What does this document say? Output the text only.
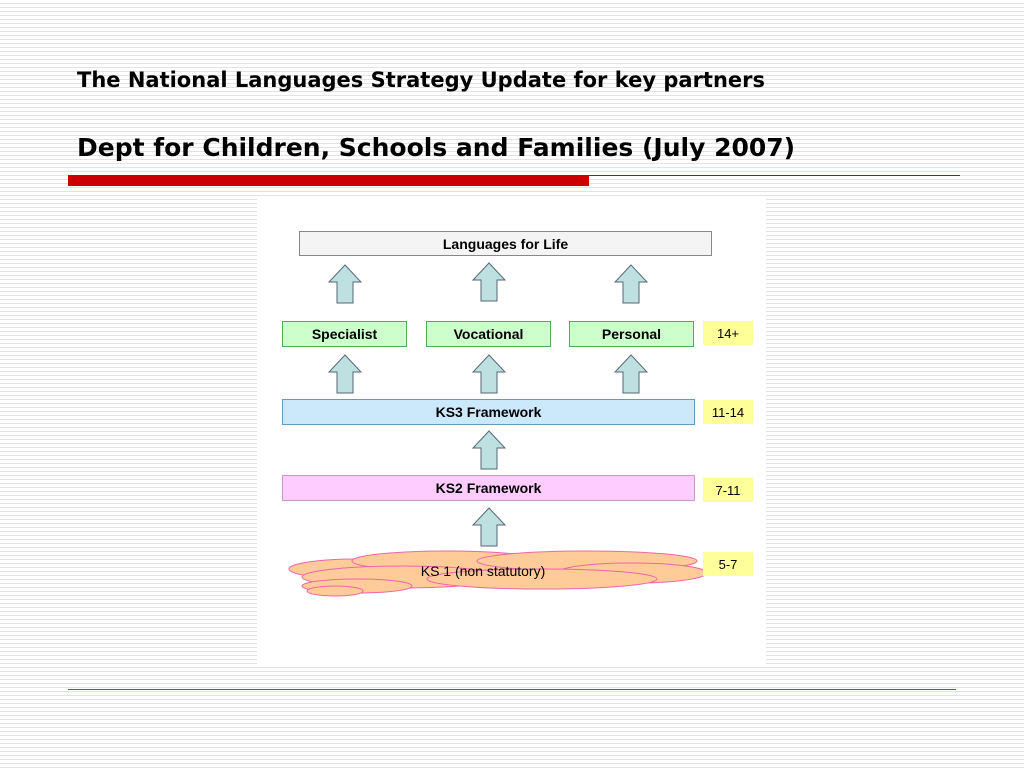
The National Languages Strategy Update for key partners
Dept for Children, Schools and Families (July 2007)
Languages for Life
Specialist	Vocational	Personal	14+
KS3 Framework	11-14
KS2 Framework	7-11
KS 1 (non statutory)	5-7
